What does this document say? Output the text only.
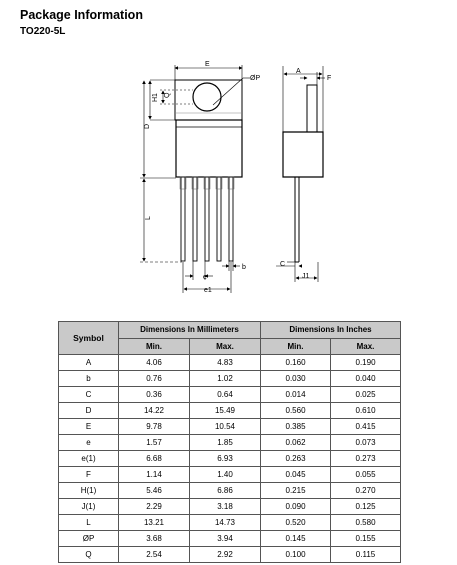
Package Information
TO220-5L
E
ØP
Q
H1
D
L
e
b
e1
A
F
C
J1
Symbol	Dimensions In Millimeters		Dimensions In Inches	
	Min.	Max.	Min.	Max.
A	4.06	4.83	0.160	0.190
b	0.76	1.02	0.030	0.040
C	0.36	0.64	0.014	0.025
D	14.22	15.49	0.560	0.610
E	9.78	10.54	0.385	0.415
e	1.57	1.85	0.062	0.073
e(1)	6.68	6.93	0.263	0.273
F	1.14	1.40	0.045	0.055
H(1)	5.46	6.86	0.215	0.270
J(1)	2.29	3.18	0.090	0.125
L	13.21	14.73	0.520	0.580
ØP	3.68	3.94	0.145	0.155
Q	2.54	2.92	0.100	0.115
